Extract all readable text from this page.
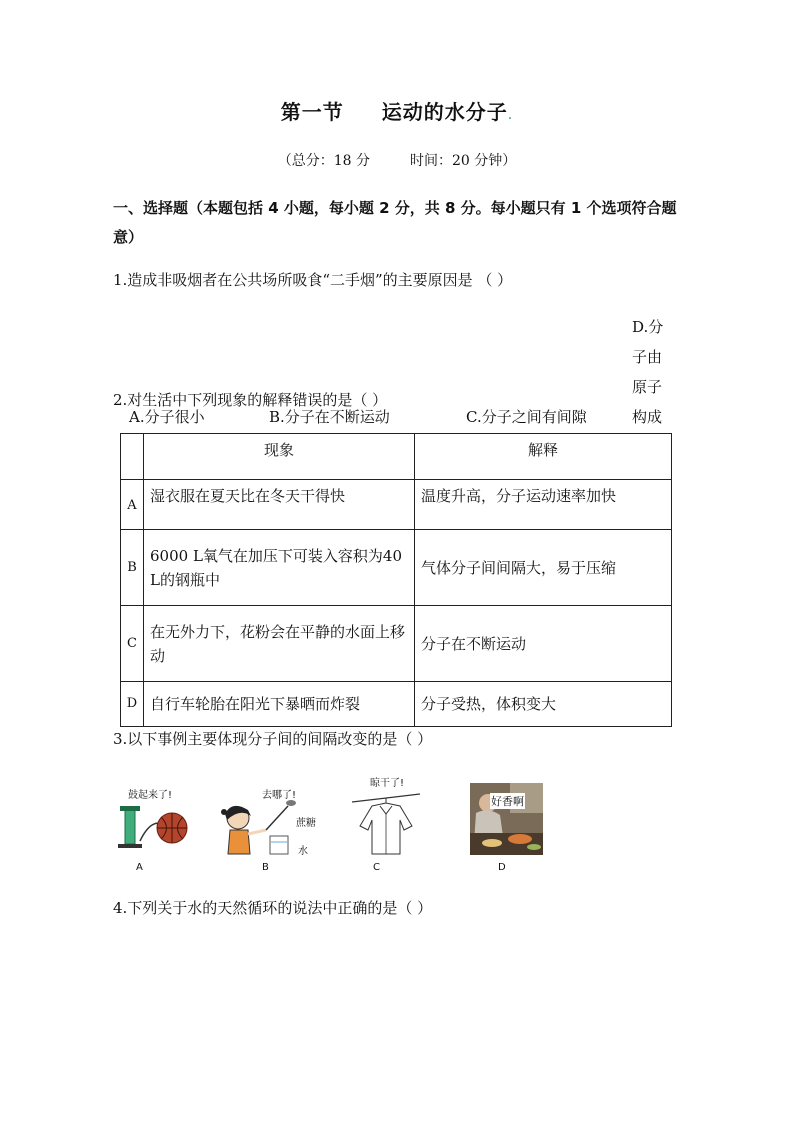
第一节 运动的水分子.
（总分：18 分	时间：20 分钟）
一、选择题（本题包括 4 小题，每小题 2 分，共 8 分。每小题只有 1 个选项符合题意）
1.造成非吸烟者在公共场所吸食“二手烟”的主要原因是 （ ）
A.分子很小	B.分子在不断运动	C.分子之间有间隙D.分子由原子构成
2.对生活中下列现象的解释错误的是（ ）
	现象	解释
A	湿衣服在夏天比在冬天干得快	温度升高，分子运动速率加快
B	6000 L氧气在加压下可装入容积为40 L的钢瓶中	气体分子间间隔大，易于压缩
C	在无外力下，花粉会在平静的水面上移动	分子在不断运动
D	自行车轮胎在阳光下暴晒而炸裂	分子受热，体积变大
3.以下事例主要体现分子间的间隔改变的是（ ）
鼓起来了!
A
去哪了!
蔗糖
水
B
晾干了!
C
好香啊
D
4.下列关于水的天然循环的说法中正确的是（ ）
